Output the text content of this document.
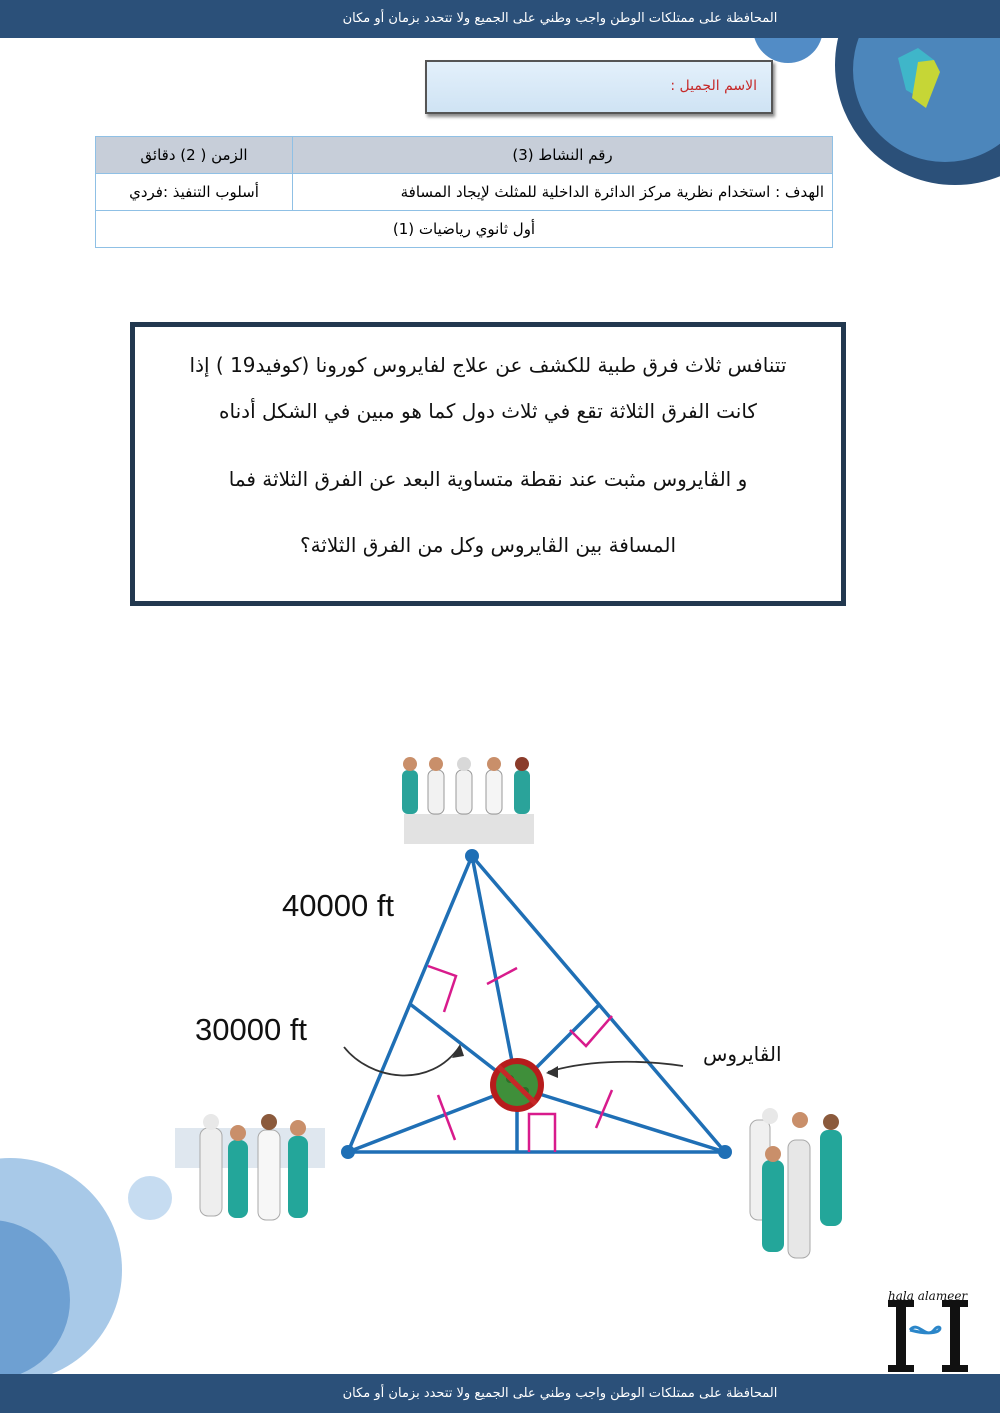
المحافظة على ممتلكات الوطن واجب وطني على الجميع ولا تتحدد بزمان أو مكان
الاسم الجميل :
رقم النشاط (3)	الزمن ( 2) دقائق
الهدف : استخدام نظرية مركز الدائرة الداخلية للمثلث لإيجاد المسافة	أسلوب التنفيذ :فردي
أول ثانوي رياضيات (1)	

تتنافس ثلاث فرق طبية للكشف عن علاج لفايروس كورونا (كوفيد19 ) إذا

كانت الفرق الثلاثة تقع في ثلاث دول كما هو مبين في الشكل أدناه

و الڤايروس مثبت عند نقطة متساوية البعد عن الفرق الثلاثة فما

المسافة بين الڤايروس وكل من الفرق الثلاثة؟

hala alameer
40000 ft
30000 ft
الڤايروس
المحافظة على ممتلكات الوطن واجب وطني على الجميع ولا تتحدد بزمان أو مكان
